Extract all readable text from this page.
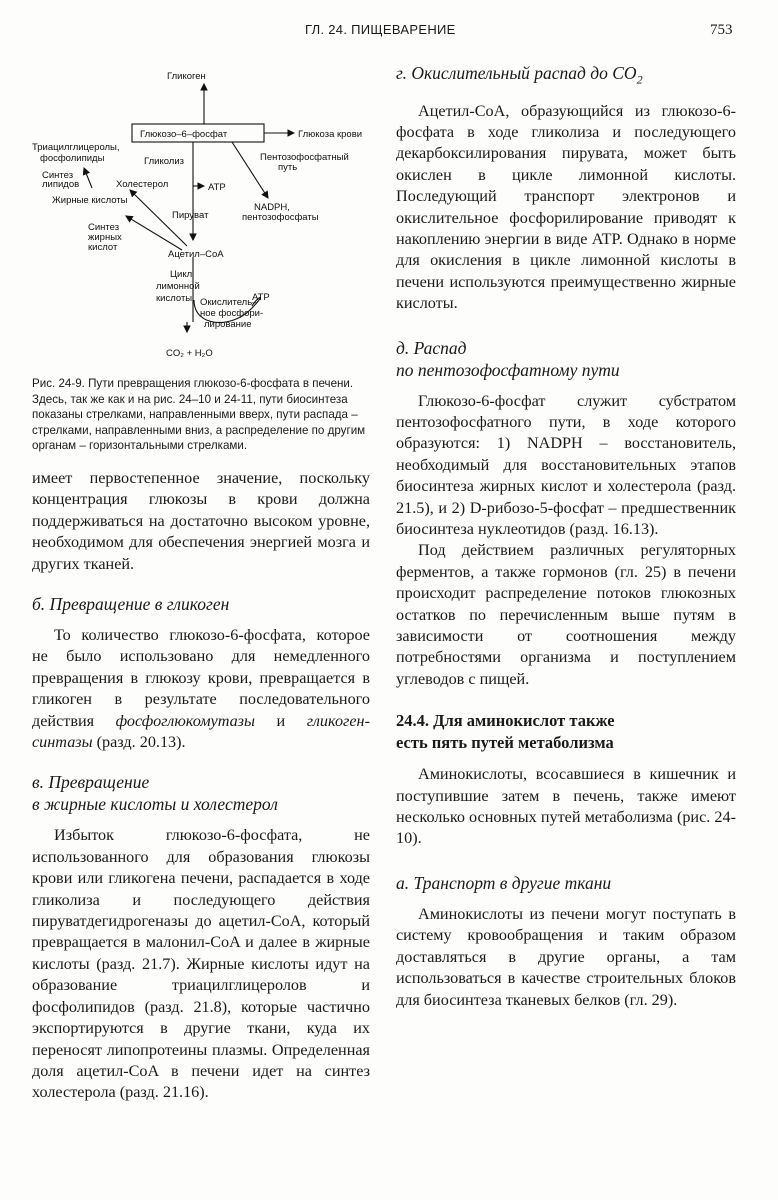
ГЛ. 24. ПИЩЕВАРЕНИЕ	753
Гликоген
Глюкозо–6–фосфат	Глюкоза крови
Триацилглицеролы,
фосфолипиды
Синтез
липидов
Гликолиз	Пентозофосфатный
путь
Холестерол	ATP
Жирные кислоты
Пируват
NADPH,
пентозофосфаты
Синтез
жирных
кислот
Ацетил–CoA
Цикл
лимонной
кислоты	ATP
Окислитель–
ное фосфори-
лирование
CO₂ + H₂O

Рис. 24-9. Пути превращения глюкозо-6-фосфата в печени. Здесь, так же как и на рис. 24–10 и 24-11, пути биосинтеза показаны стрелками, направленными вверх, пути распада – стрелками, направленными вниз, а распределение по другим органам – горизонтальными стрелками.

имеет первостепенное значение, поскольку концентрация глюкозы в крови должна поддерживаться на достаточно высоком уровне, необходимом для обеспечения энергией мозга и других тканей.

б. Превращение в гликоген

То количество глюкозо-6-фосфата, которое не было использовано для немедленного превращения в глюкозу крови, превращается в гликоген в результате последовательного действия фосфоглюкомутазы и гликоген-синтазы (разд. 20.13).

в. Превращение
в жирные кислоты и холестерол

Избыток глюкозо-6-фосфата, не использованного для образования глюкозы крови или гликогена печени, распадается в ходе гликолиза и последующего действия пируватдегидрогеназы до ацетил-CoA, который превращается в малонил-CoA и далее в жирные кислоты (разд. 21.7). Жирные кислоты идут на образование триацилглицеролов и фосфолипидов (разд. 21.8), которые частично экспортируются в другие ткани, куда их переносят липопротеины плазмы. Определенная доля ацетил-CoA в печени идет на синтез холестерола (разд. 21.16).

г. Окислительный распад до $CO_2$

Ацетил-CoA, образующийся из глюкозо-6-фосфата в ходе гликолиза и последующего декарбоксилирования пирувата, может быть окислен в цикле лимонной кислоты. Последующий транспорт электронов и окислительное фосфорилирование приводят к накоплению энергии в виде ATP. Однако в норме для окисления в цикле лимонной кислоты в печени используются преимущественно жирные кислоты.

д. Распад
по пентозофосфатному пути

Глюкозо-6-фосфат служит субстратом пентозофосфатного пути, в ходе которого образуются: 1) NADPH – восстановитель, необходимый для восстановительных этапов биосинтеза жирных кислот и холестерола (разд. 21.5), и 2) D-рибозо-5-фосфат – предшественник биосинтеза нуклеотидов (разд. 16.13).

Под действием различных регуляторных ферментов, а также гормонов (гл. 25) в печени происходит распределение потоков глюкозных остатков по перечисленным выше путям в зависимости от соотношения между потребностями организма и поступлением углеводов с пищей.

24.4. Для аминокислот также
есть пять путей метаболизма

Аминокислоты, всосавшиеся в кишечник и поступившие затем в печень, также имеют несколько основных путей метаболизма (рис. 24-10).

а. Транспорт в другие ткани

Аминокислоты из печени могут поступать в систему кровообращения и таким образом доставляться в другие органы, а там использоваться в качестве строительных блоков для биосинтеза тканевых белков (гл. 29).
